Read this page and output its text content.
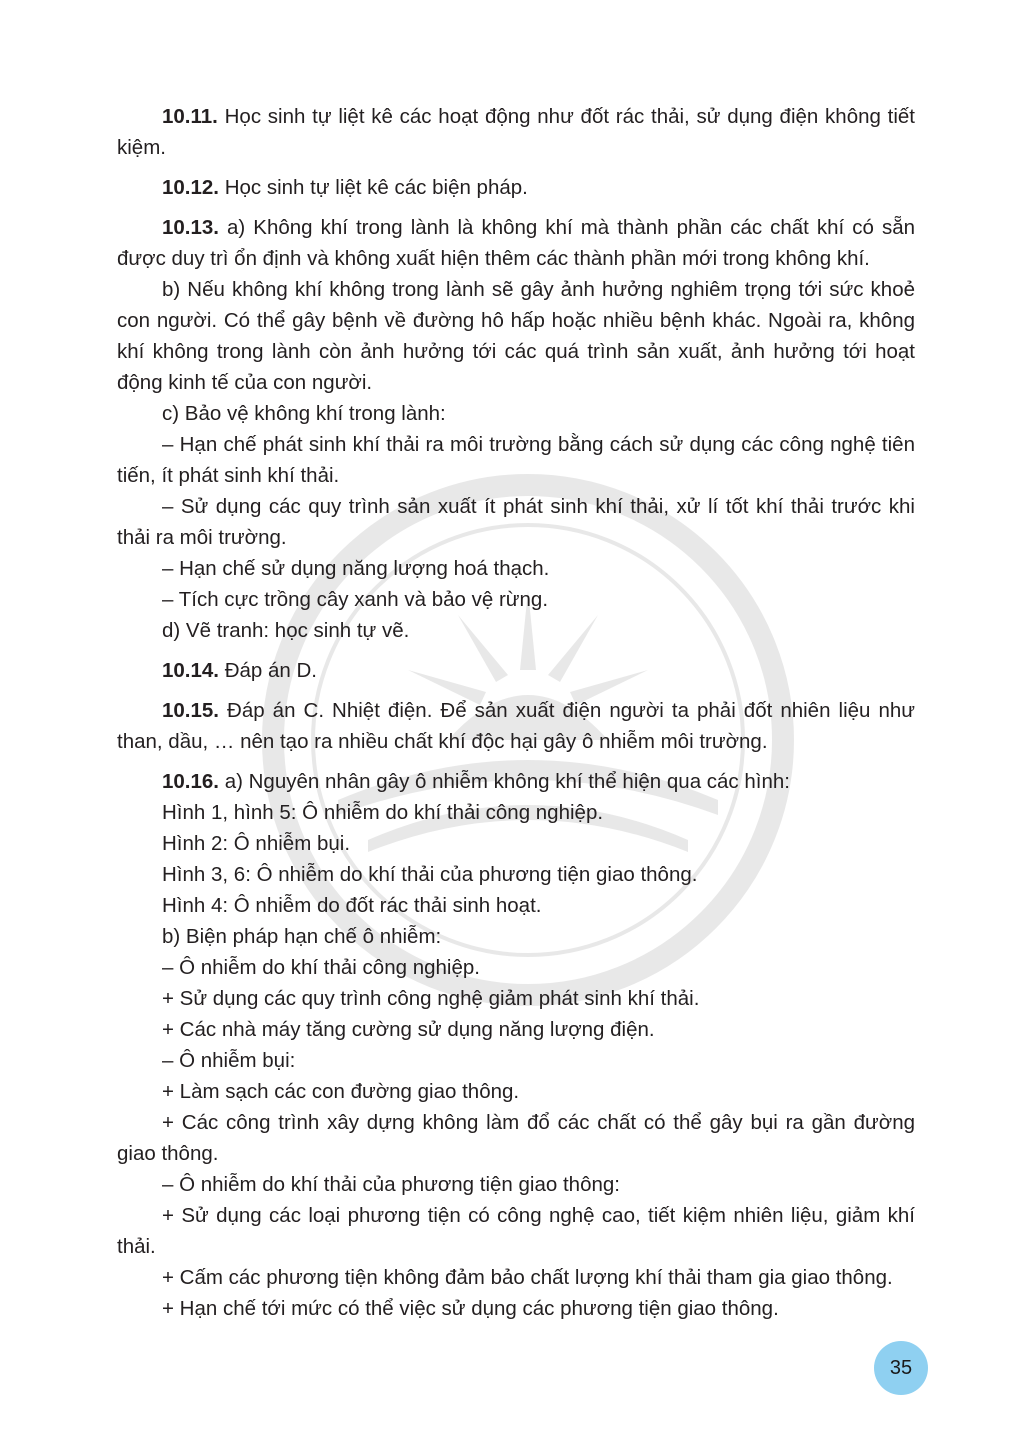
10.11. Học sinh tự liệt kê các hoạt động như đốt rác thải, sử dụng điện không tiết kiệm.

10.12. Học sinh tự liệt kê các biện pháp.

10.13. a) Không khí trong lành là không khí mà thành phần các chất khí có sẵn được duy trì ổn định và không xuất hiện thêm các thành phần mới trong không khí.

b) Nếu không khí không trong lành sẽ gây ảnh hưởng nghiêm trọng tới sức khoẻ con người. Có thể gây bệnh về đường hô hấp hoặc nhiều bệnh khác. Ngoài ra, không khí không trong lành còn ảnh hưởng tới các quá trình sản xuất, ảnh hưởng tới hoạt động kinh tế của con người.

c) Bảo vệ không khí trong lành:

– Hạn chế phát sinh khí thải ra môi trường bằng cách sử dụng các công nghệ tiên tiến, ít phát sinh khí thải.

– Sử dụng các quy trình sản xuất ít phát sinh khí thải, xử lí tốt khí thải trước khi thải ra môi trường.

– Hạn chế sử dụng năng lượng hoá thạch.

– Tích cực trồng cây xanh và bảo vệ rừng.

d) Vẽ tranh: học sinh tự vẽ.

10.14. Đáp án D.

10.15. Đáp án C. Nhiệt điện. Để sản xuất điện người ta phải đốt nhiên liệu như than, dầu, … nên tạo ra nhiều chất khí độc hại gây ô nhiễm môi trường.

10.16. a) Nguyên nhân gây ô nhiễm không khí thể hiện qua các hình:

Hình 1, hình 5: Ô nhiễm do khí thải công nghiệp.

Hình 2: Ô nhiễm bụi.

Hình 3, 6: Ô nhiễm do khí thải của phương tiện giao thông.

Hình 4: Ô nhiễm do đốt rác thải sinh hoạt.

b) Biện pháp hạn chế ô nhiễm:

– Ô nhiễm do khí thải công nghiệp.

+ Sử dụng các quy trình công nghệ giảm phát sinh khí thải.

+ Các nhà máy tăng cường sử dụng năng lượng điện.

– Ô nhiễm bụi:

+ Làm sạch các con đường giao thông.

+ Các công trình xây dựng không làm đổ các chất có thể gây bụi ra gần đường giao thông.

– Ô nhiễm do khí thải của phương tiện giao thông:

+ Sử dụng các loại phương tiện có công nghệ cao, tiết kiệm nhiên liệu, giảm khí thải.

+ Cấm các phương tiện không đảm bảo chất lượng khí thải tham gia giao thông.

+ Hạn chế tới mức có thể việc sử dụng các phương tiện giao thông.

35
